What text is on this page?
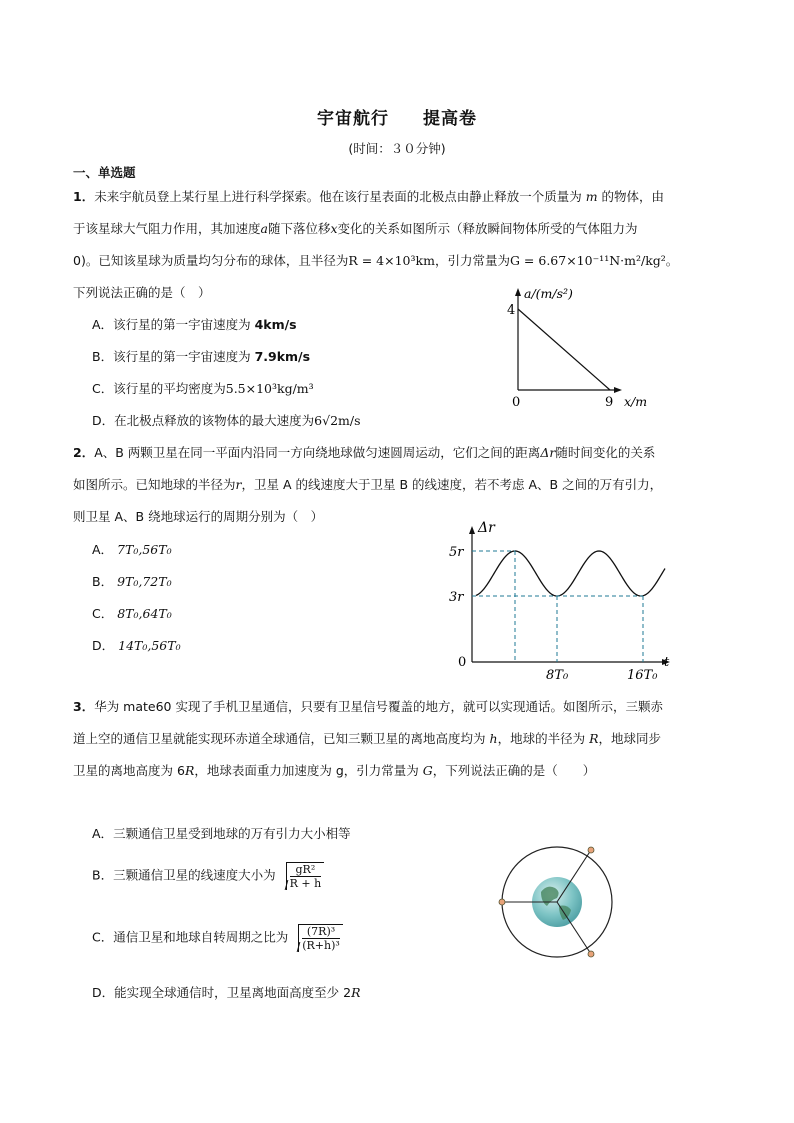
宇宙航行 提高卷
(时间：３０分钟)
一、单选题
1．未来宇航员登上某行星上进行科学探索。他在该行星表面的北极点由静止释放一个质量为 m 的物体，由
于该星球大气阻力作用，其加速度a随下落位移x变化的关系如图所示（释放瞬间物体所受的气体阻力为
0)。已知该星球为质量均匀分布的球体，且半径为R = 4×10³km，引力常量为G = 6.67×10⁻¹¹N·m²/kg²。
下列说法正确的是（　）
A．该行星的第一宇宙速度为 4km/s
B．该行星的第一宇宙速度为 7.9km/s
C．该行星的平均密度为5.5×10³kg/m³
D．在北极点释放的该物体的最大速度为6√2m/s
4
a/(m/s²)
0	9 x/m
2．A、B 两颗卫星在同一平面内沿同一方向绕地球做匀速圆周运动，它们之间的距离Δr随时间变化的关系
如图所示。已知地球的半径为r，卫星 A 的线速度大于卫星 B 的线速度，若不考虑 A、B 之间的万有引力，
则卫星 A、B 绕地球运行的周期分别为（　）
A． 7T₀,56T₀
B． 9T₀,72T₀
C． 8T₀,64T₀
D． 14T₀,56T₀
Δr
5r
3r
0
8T₀	16T₀
t
3．华为 mate60 实现了手机卫星通信，只要有卫星信号覆盖的地方，就可以实现通话。如图所示，三颗赤
道上空的通信卫星就能实现环赤道全球通信，已知三颗卫星的离地高度均为 h，地球的半径为 R，地球同步
卫星的离地高度为 6R，地球表面重力加速度为 g，引力常量为 G，下列说法正确的是（　　）
A．三颗通信卫星受到地球的万有引力大小相等
B．三颗通信卫星的线速度大小为 $\frac{\text{gR²}}{R + h}$
C．通信卫星和地球自转周期之比为 $\frac{\text{(7R)³}}{\text{(R+h)³}}$
D．能实现全球通信时，卫星离地面高度至少 2R
